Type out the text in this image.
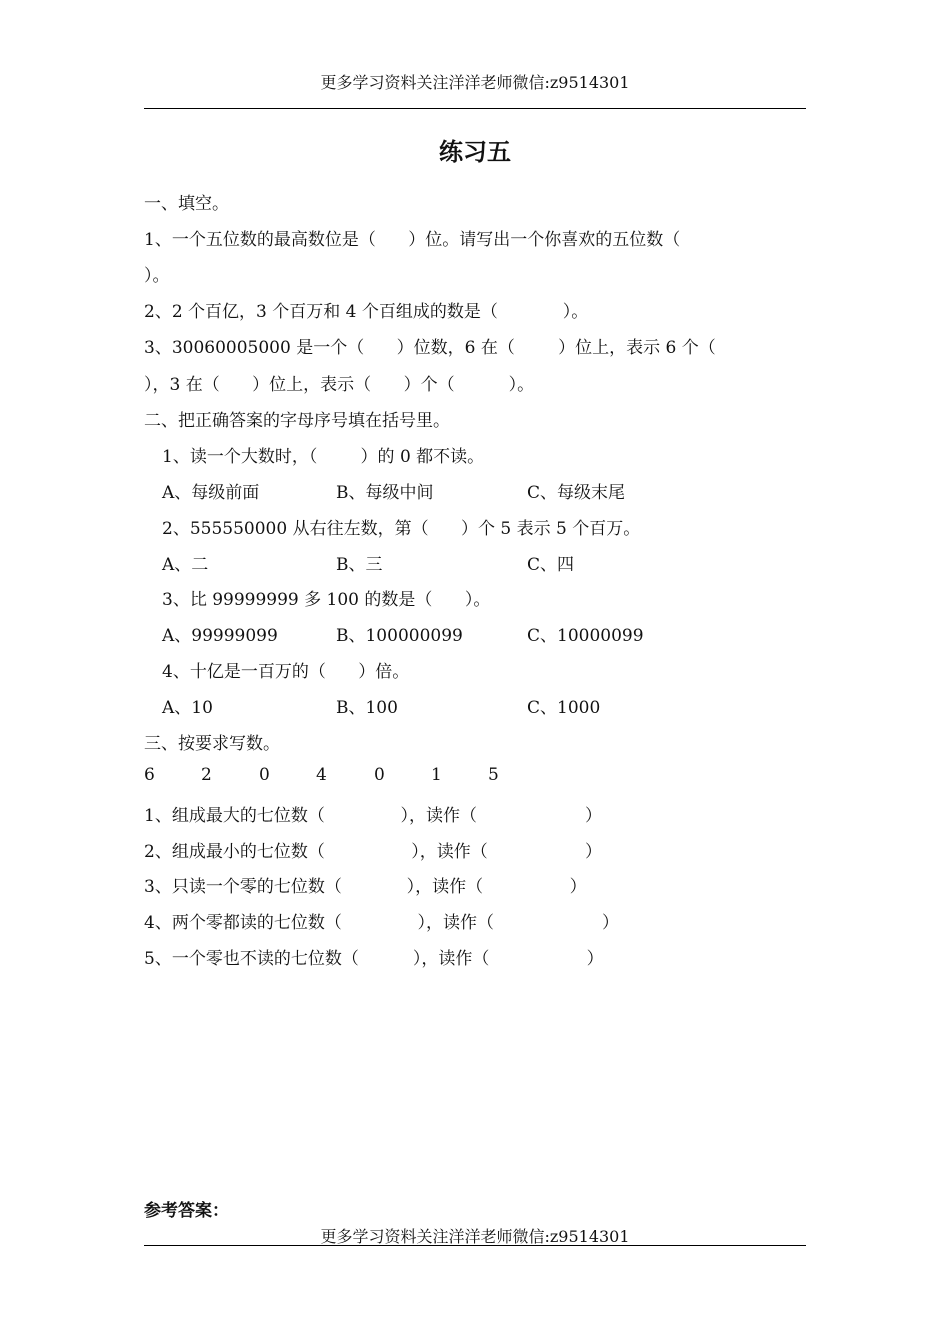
更多学习资料关注洋洋老师微信:z9514301
练习五
一、填空。
1、一个五位数的最高数位是（      ）位。请写出一个你喜欢的五位数（
）。
2、2 个百亿，3 个百万和 4 个百组成的数是（            ）。
3、30060005000 是一个（      ）位数，6 在（        ）位上，表示 6 个（
），3 在（      ）位上，表示（      ）个（          ）。
二、把正确答案的字母序号填在括号里。
1、读一个大数时，（        ）的 0 都不读。
A、每级前面	B、每级中间	C、每级末尾
2、555550000 从右往左数，第（      ）个 5 表示 5 个百万。
A、二	B、三	C、四
3、比 99999999 多 100 的数是（      ）。
A、99999099	B、100000099	C、10000099
4、十亿是一百万的（      ）倍。
A、10	B、100	C、1000
三、按要求写数。
6	2	0	4	0	1	5
1、组成最大的七位数（              ），读作（                    ）
2、组成最小的七位数（                ），读作（                  ）
3、只读一个零的七位数（            ），读作（                ）
4、两个零都读的七位数（              ），读作（                    ）
5、一个零也不读的七位数（          ），读作（                  ）
参考答案：
更多学习资料关注洋洋老师微信:z9514301
